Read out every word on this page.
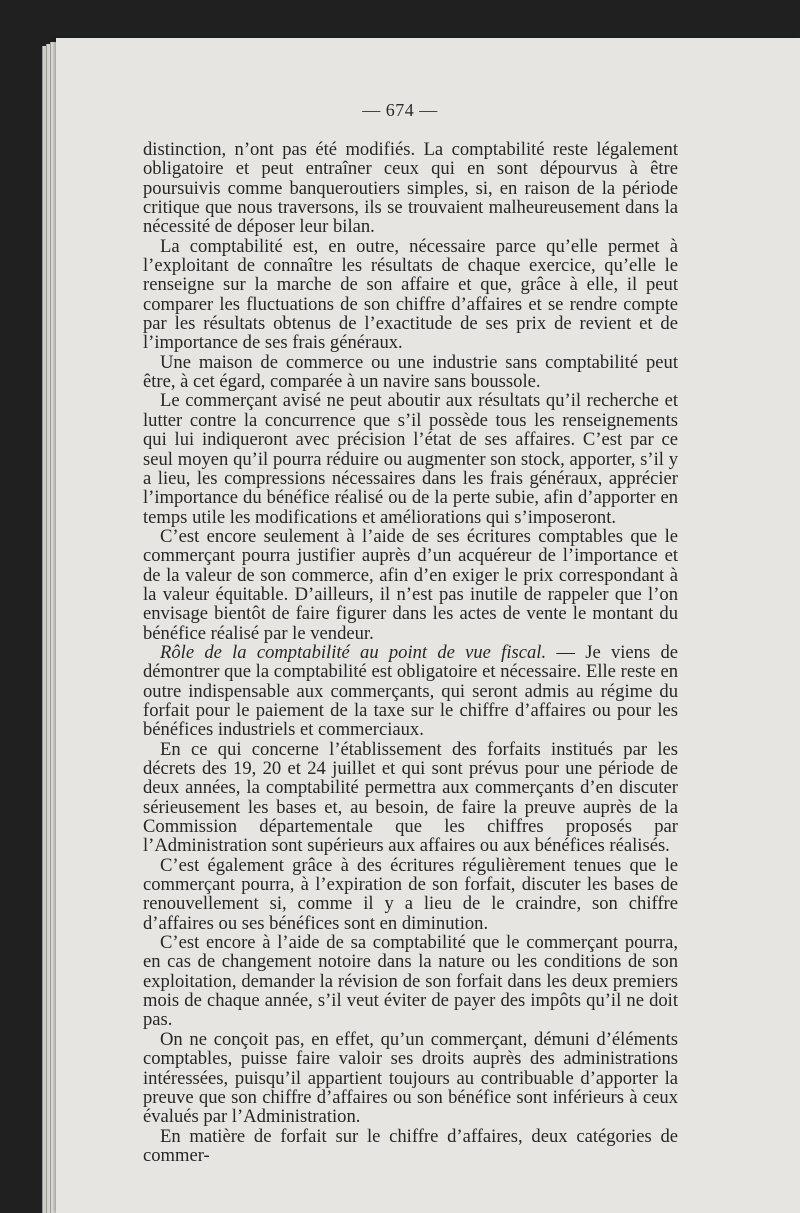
— 674 —

distinction, n’ont pas été modifiés. La comptabilité reste légalement obligatoire et peut entraîner ceux qui en sont dépourvus à être poursuivis comme banqueroutiers simples, si, en raison de la période critique que nous traversons, ils se trouvaient malheureusement dans la nécessité de déposer leur bilan.

La comptabilité est, en outre, nécessaire parce qu’elle permet à l’exploitant de connaître les résultats de chaque exercice, qu’elle le renseigne sur la marche de son affaire et que, grâce à elle, il peut comparer les fluctuations de son chiffre d’affaires et se rendre compte par les résultats obtenus de l’exactitude de ses prix de revient et de l’importance de ses frais généraux.

Une maison de commerce ou une industrie sans comptabilité peut être, à cet égard, comparée à un navire sans boussole.

Le commerçant avisé ne peut aboutir aux résultats qu’il recherche et lutter contre la concurrence que s’il possède tous les renseignements qui lui indiqueront avec précision l’état de ses affaires. C’est par ce seul moyen qu’il pourra réduire ou augmenter son stock, apporter, s’il y a lieu, les compressions nécessaires dans les frais généraux, apprécier l’importance du bénéfice réalisé ou de la perte subie, afin d’apporter en temps utile les modifications et améliorations qui s’imposeront.

C’est encore seulement à l’aide de ses écritures comptables que le commerçant pourra justifier auprès d’un acquéreur de l’importance et de la valeur de son commerce, afin d’en exiger le prix correspondant à la valeur équitable. D’ailleurs, il n’est pas inutile de rappeler que l’on envisage bientôt de faire figurer dans les actes de vente le montant du bénéfice réalisé par le vendeur.

Rôle de la comptabilité au point de vue fiscal. — Je viens de démontrer que la comptabilité est obligatoire et nécessaire. Elle reste en outre indispensable aux commerçants, qui seront admis au régime du forfait pour le paiement de la taxe sur le chiffre d’affaires ou pour les bénéfices industriels et commerciaux.

En ce qui concerne l’établissement des forfaits institués par les décrets des 19, 20 et 24 juillet et qui sont prévus pour une période de deux années, la comptabilité permettra aux commerçants d’en discuter sérieusement les bases et, au besoin, de faire la preuve auprès de la Commission départementale que les chiffres proposés par l’Administration sont supérieurs aux affaires ou aux bénéfices réalisés.

C’est également grâce à des écritures régulièrement tenues que le commerçant pourra, à l’expiration de son forfait, discuter les bases de renouvellement si, comme il y a lieu de le craindre, son chiffre d’affaires ou ses bénéfices sont en diminution.

C’est encore à l’aide de sa comptabilité que le commerçant pourra, en cas de changement notoire dans la nature ou les conditions de son exploitation, demander la révision de son forfait dans les deux premiers mois de chaque année, s’il veut éviter de payer des impôts qu’il ne doit pas.

On ne conçoit pas, en effet, qu’un commerçant, démuni d’éléments comptables, puisse faire valoir ses droits auprès des administrations intéressées, puisqu’il appartient toujours au contribuable d’apporter la preuve que son chiffre d’affaires ou son bénéfice sont inférieurs à ceux évalués par l’Administration.

En matière de forfait sur le chiffre d’affaires, deux catégories de commer-
